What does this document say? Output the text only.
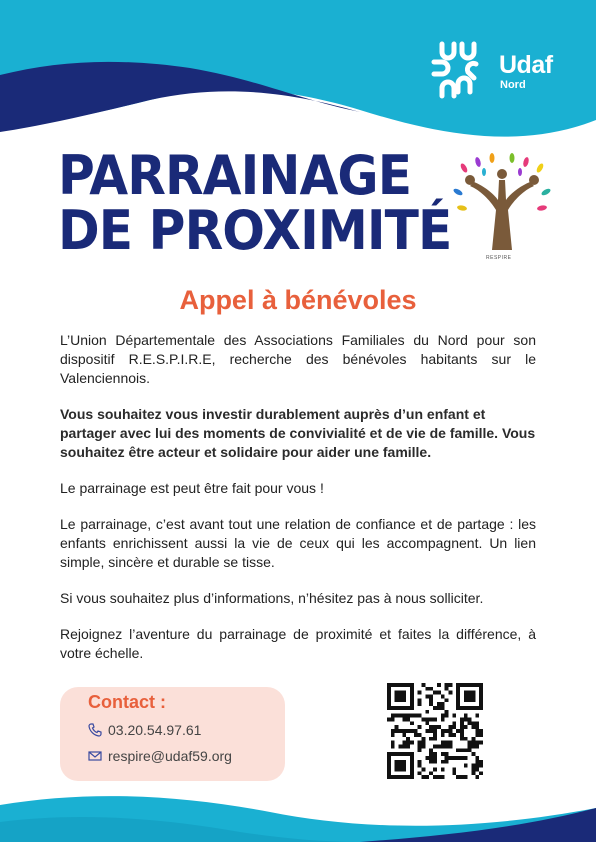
Udaf
Nord
PARRAINAGE
DE PROXIMITÉ	RESPIRE
Appel à bénévoles

L’Union Départementale des Associations Familiales du Nord pour son dispositif R.E.S.P.I.R.E, recherche des bénévoles habitants sur le Valenciennois.

Vous souhaitez vous investir durablement auprès d’un enfant et partager avec lui des moments de convivialité et de vie de famille. Vous souhaitez être acteur et solidaire pour aider une famille.

Le parrainage est peut être fait pour vous !

Le parrainage, c’est avant tout une relation de confiance et de partage : les enfants enrichissent aussi la vie de ceux qui les accompagnent. Un lien simple, sincère et durable se tisse.

Si vous souhaitez plus d’informations, n’hésitez pas à nous solliciter.

Rejoignez l’aventure du parrainage de proximité et faites la différence, à votre échelle.

Contact :
03.20.54.97.61
respire@udaf59.org
